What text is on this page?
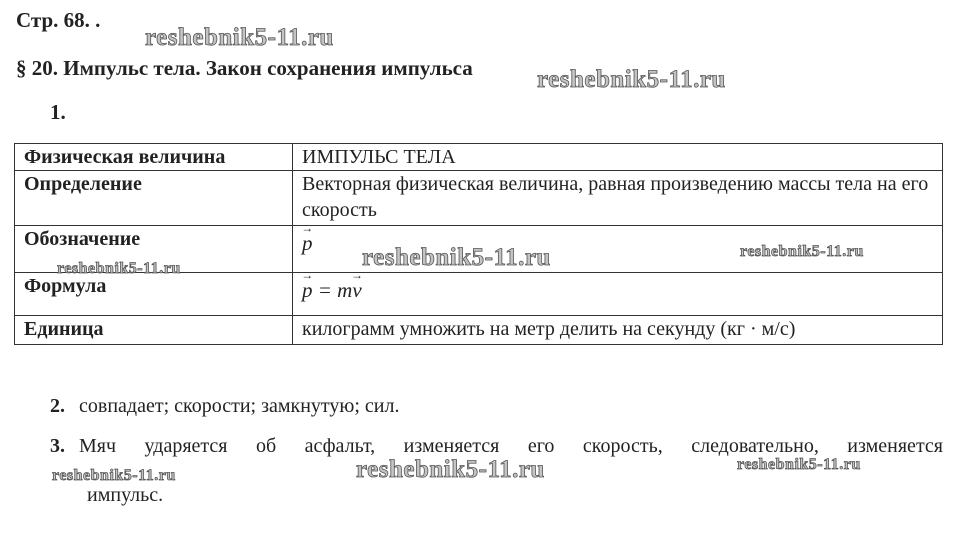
Стр. 68. .
§ 20. Импульс тела. Закон сохранения импульса
1.
Физическая величина	ИМПУЛЬС ТЕЛА
Определение	Векторная физическая величина, равная произведению массы тела на его скорость
Обозначение	→ p
Формула	→ p = m→ v
Единица	килограмм умножить на метр делить на секунду (кг · м/с)
2. совпадает; скорости; замкнутую; сил.
3. Мяч ударяется об асфальт, изменяется его скорость, следовательно, изменяется
импульс.
reshebnik5-11.ru
reshebnik5-11.ru
reshebnik5-11.ru	reshebnik5-11.ru
reshebnik5-11.ru
reshebnik5-11.ru
reshebnik5-11.ru
reshebnik5-11.ru
